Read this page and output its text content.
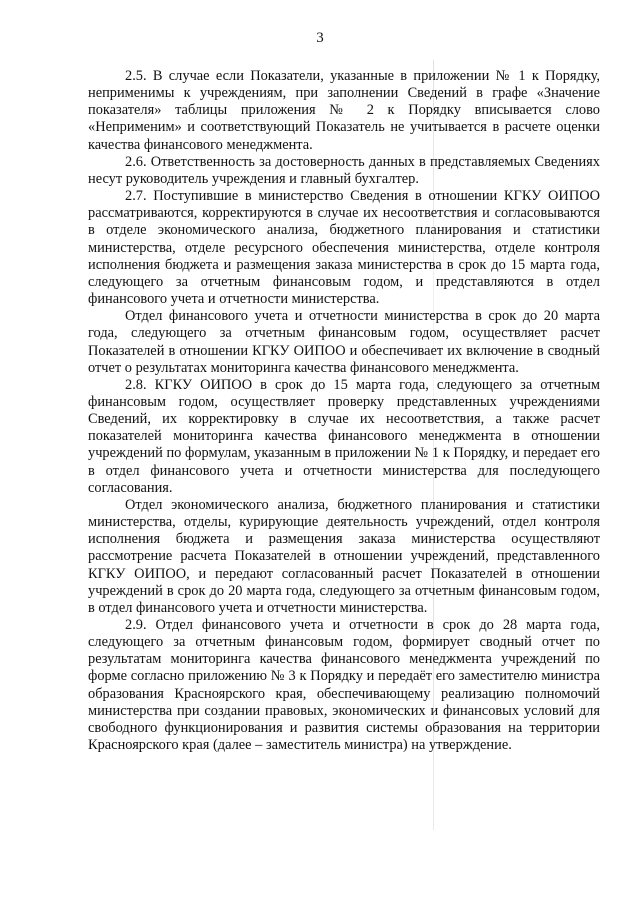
3

2.5. В случае если Показатели, указанные в приложении № 1 к Порядку, неприменимы к учреждениям, при заполнении Сведений в графе «Значение показателя» таблицы приложения № 2 к Порядку вписывается слово «Неприменим» и соответствующий Показатель не учитывается в расчете оценки качества финансового менеджмента.

2.6. Ответственность за достоверность данных в представляемых Сведениях несут руководитель учреждения и главный бухгалтер.

2.7. Поступившие в министерство Сведения в отношении КГКУ ОИПОО рассматриваются, корректируются в случае их несоответствия и согласовываются в отделе экономического анализа, бюджетного планирования и статистики министерства, отделе ресурсного обеспечения министерства, отделе контроля исполнения бюджета и размещения заказа министерства в срок до 15 марта года, следующего за отчетным финансовым годом, и представляются в отдел финансового учета и отчетности министерства.

Отдел финансового учета и отчетности министерства в срок до 20 марта года, следующего за отчетным финансовым годом, осуществляет расчет Показателей в отношении КГКУ ОИПОО и обеспечивает их включение в сводный отчет о результатах мониторинга качества финансового менеджмента.

2.8. КГКУ ОИПОО в срок до 15 марта года, следующего за отчетным финансовым годом, осуществляет проверку представленных учреждениями Сведений, их корректировку в случае их несоответствия, а также расчет показателей мониторинга качества финансового менеджмента в отношении учреждений по формулам, указанным в приложении № 1 к Порядку, и передает его в отдел финансового учета и отчетности министерства для последующего согласования.

Отдел экономического анализа, бюджетного планирования и статистики министерства, отделы, курирующие деятельность учреждений, отдел контроля исполнения бюджета и размещения заказа министерства осуществляют рассмотрение расчета Показателей в отношении учреждений, представленного КГКУ ОИПОО, и передают согласованный расчет Показателей в отношении учреждений в срок до 20 марта года, следующего за отчетным финансовым годом, в отдел финансового учета и отчетности министерства.

2.9. Отдел финансового учета и отчетности в срок до 28 марта года, следующего за отчетным финансовым годом, формирует сводный отчет по результатам мониторинга качества финансового менеджмента учреждений по форме согласно приложению № 3 к Порядку и передаёт его заместителю министра образования Красноярского края, обеспечивающему реализацию полномочий министерства при создании правовых, экономических и финансовых условий для свободного функционирования и развития системы образования на территории Красноярского края (далее – заместитель министра) на утверждение.
